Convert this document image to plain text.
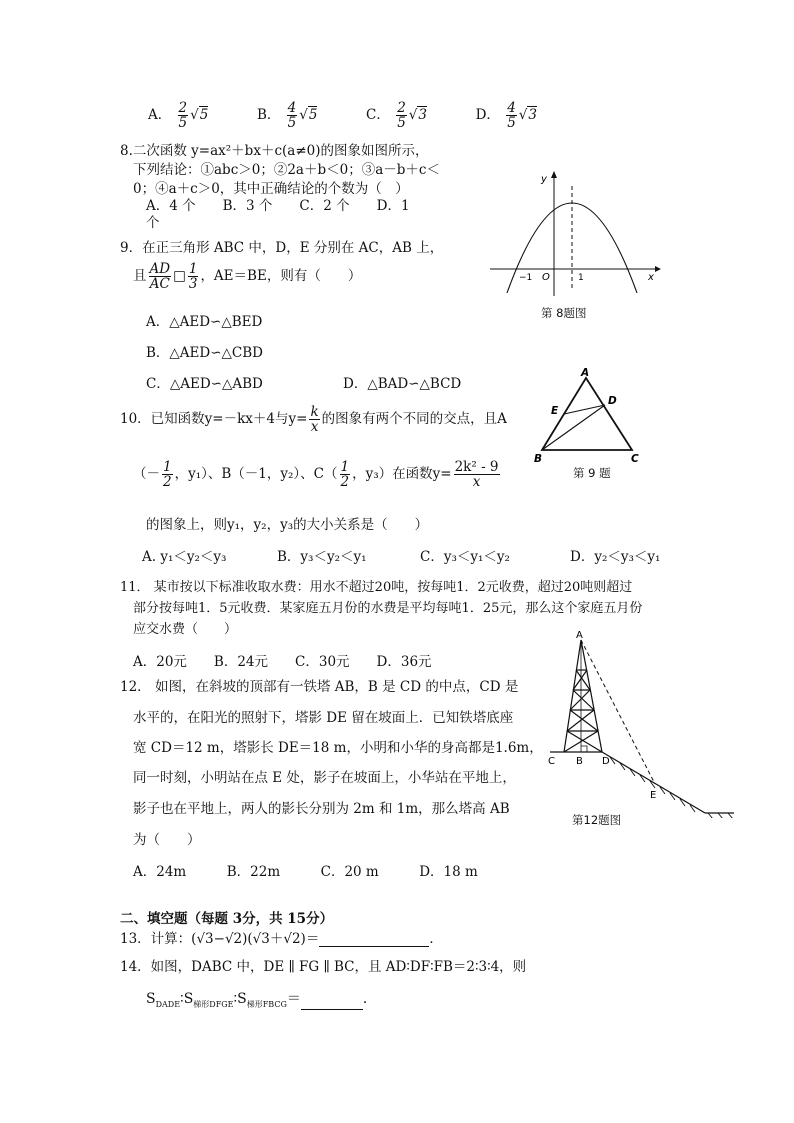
A． $\frac{2}{5} √5$	B． $\frac{4}{5} √5$	C． $\frac{2}{5} √3$	D． $\frac{4}{5} √3$
8.二次函数 y=ax²＋bx＋c(a≠0)的图象如图所示，
下列结论：①abc＞0；②2a＋b＜0；③a－b＋c＜
0；④a＋c＞0，其中正确结论的个数为（　）
A．4 个　　B．3 个　　C．2 个　　D．1
个
y
x
O
−1	1
第 8题图
9．在正三角形 ABC 中，D，E 分别在 AC，AB 上，
且 $\frac{AD}{AC}$ □ $\frac{1}{3}$ ，AE＝BE，则有（　　）
A．△AED∽△BED
B．△AED∽△CBD
C．△AED∽△ABD	D．△BAD∽△BCD
A
B	C
D
E
第 9 题
10．已知函数y=－kx＋4与$y= \frac{k}{x}$ 的图象有两个不同的交点，且A
（－ $\frac{1}{2}$ ，y₁）、B（－1，y₂）、$C( \frac{1}{2}$ ，y₃）在函数$y= \frac{\text{2k² - 9}}{x}$
的图象上，则y₁，y₂，y₃的大小关系是（　　）
A. y₁＜y₂＜y₃	B．y₃＜y₂＜y₁	C．y₃＜y₁＜y₂	D．y₂＜y₃＜y₁
11． 某市按以下标准收取水费：用水不超过20吨，按每吨1．2元收费，超过20吨则超过
部分按每吨1．5元收费．某家庭五月份的水费是平均每吨1．25元，那么这个家庭五月份
应交水费（　　）
A．20元　　B．24元　　C．30元　　D．36元
12． 如图，在斜坡的顶部有一铁塔 AB，B 是 CD 的中点，CD 是
水平的，在阳光的照射下，塔影 DE 留在坡面上．已知铁塔底座
宽 CD＝12 m，塔影长 DE＝18 m，小明和小华的身高都是1.6m，
同一时刻，小明站在点 E 处，影子在坡面上，小华站在平地上，
影子也在平地上，两人的影长分别为 2m 和 1m，那么塔高 AB
为（　　）
A．24m　　　B．22m　　　C．20 m　　　D．18 m
A
C B D
E
第12题图
二、填空题（每题 3分，共 15分）
13．计算：(√3−√2)(√3＋√2)＝	．
14．如图，DABC 中，DE ∥ FG ∥ BC，且 AD∶DF∶FB＝2∶3∶4，则
$S_{DADE}∶S_{梯形DFGE}∶S_{梯形FBCG}=$	．
